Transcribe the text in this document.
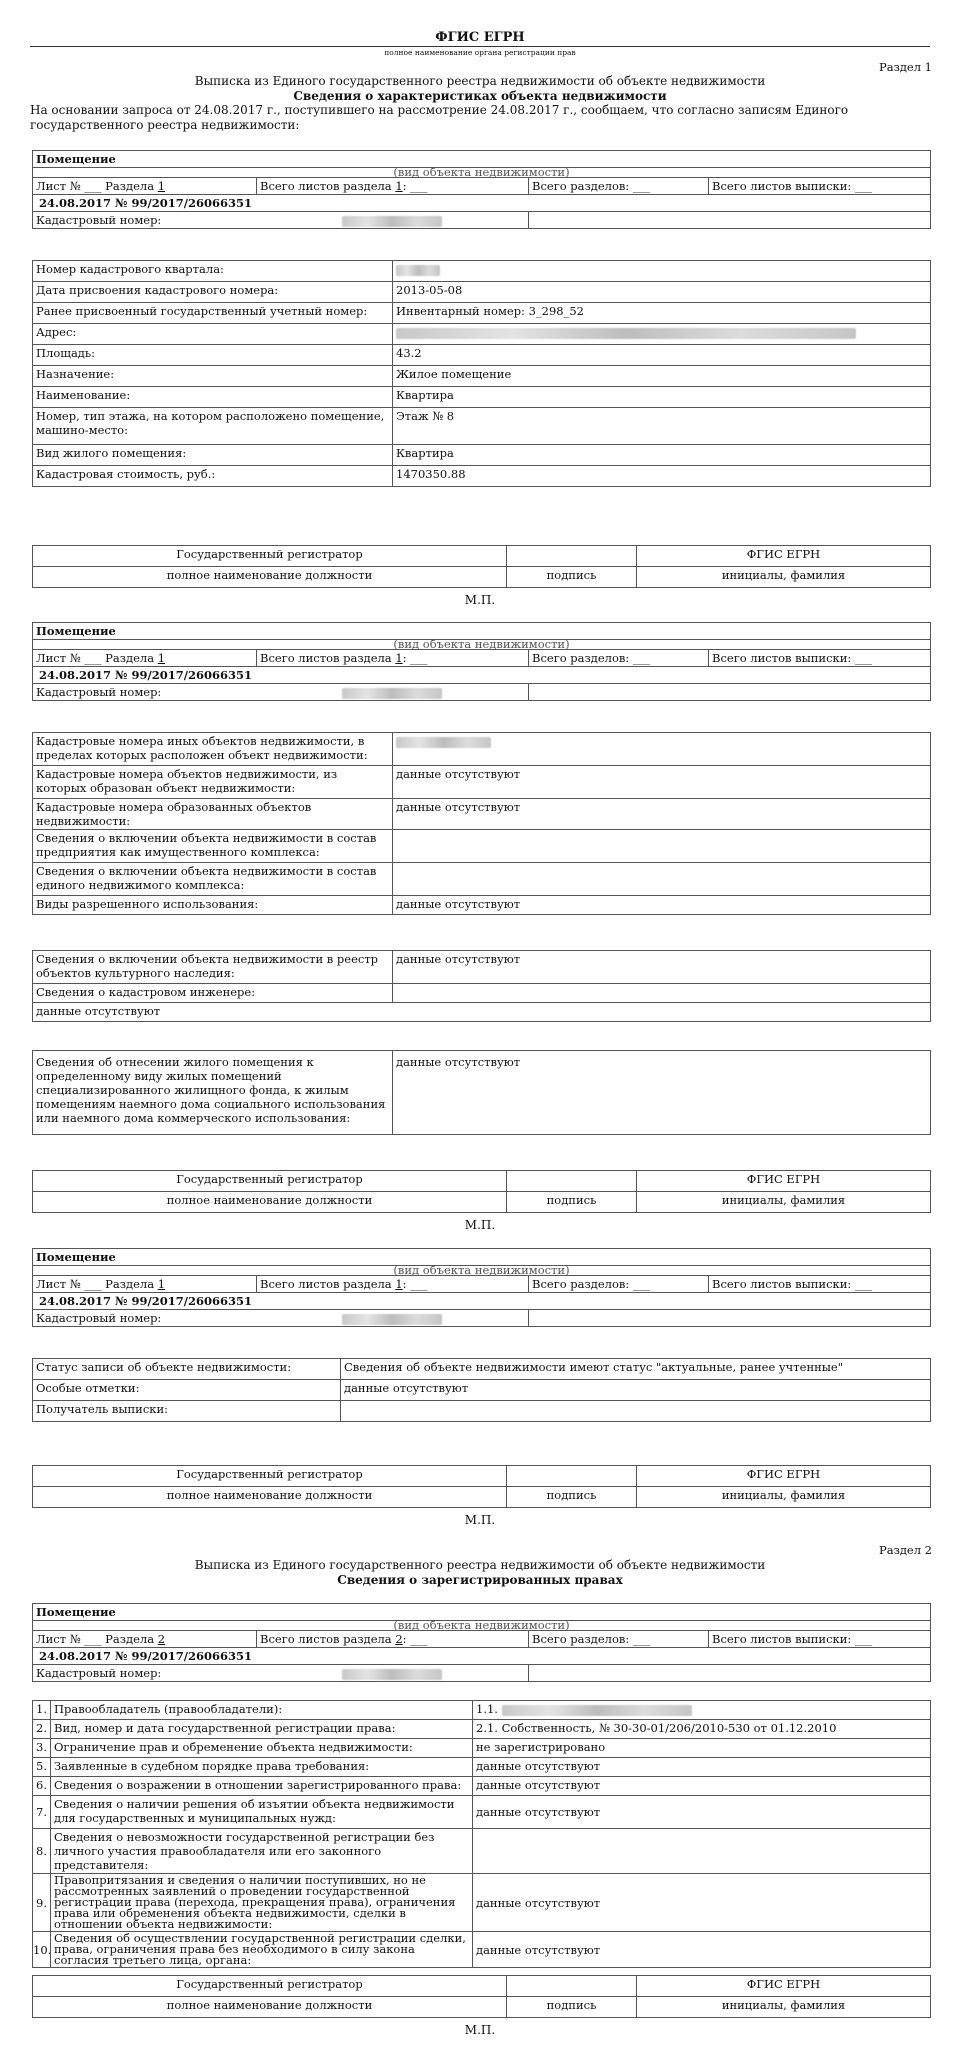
ФГИС ЕГРН
полное наименование органа регистрации прав
Раздел 1
Выписка из Единого государственного реестра недвижимости об объекте недвижимости
Сведения о характеристиках объекта недвижимости
На основании запроса от 24.08.2017 г., поступившего на рассмотрение 24.08.2017 г., сообщаем, что согласно записям Единого государственного реестра недвижимости:
Помещение			
(вид объекта недвижимости)			
Лист № ___ Раздела 1	Всего листов раздела 1: ___	Всего разделов: ___	Всего листов выписки: ___
24.08.2017 № 99/2017/26066351			
Кадастровый номер:			
Номер кадастрового квартала:	
Дата присвоения кадастрового номера:	2013-05-08
Ранее присвоенный государственный учетный номер:	Инвентарный номер: 3_298_52
Адрес:	
Площадь:	43.2
Назначение:	Жилое помещение
Наименование:	Квартира
Номер, тип этажа, на котором расположено помещение, машино-место:	Этаж № 8
Вид жилого помещения:	Квартира
Кадастровая стоимость, руб.:	1470350.88
Государственный регистратор		ФГИС ЕГРН
полное наименование должности	подпись	инициалы, фамилия
М.П.
Помещение			
(вид объекта недвижимости)			
Лист № ___ Раздела 1	Всего листов раздела 1: ___	Всего разделов: ___	Всего листов выписки: ___
24.08.2017 № 99/2017/26066351			
Кадастровый номер:			
Кадастровые номера иных объектов недвижимости, в пределах которых расположен объект недвижимости:	
Кадастровые номера объектов недвижимости, из которых образован объект недвижимости:	данные отсутствуют
Кадастровые номера образованных объектов недвижимости:	данные отсутствуют
Сведения о включении объекта недвижимости в состав предприятия как имущественного комплекса:	
Сведения о включении объекта недвижимости в состав единого недвижимого комплекса:	
Виды разрешенного использования:	данные отсутствуют
Сведения о включении объекта недвижимости в реестр объектов культурного наследия:	данные отсутствуют
Сведения о кадастровом инженере:	
данные отсутствуют	
Сведения об отнесении жилого помещения к определенному виду жилых помещений специализированного жилищного фонда, к жилым помещениям наемного дома социального использования или наемного дома коммерческого использования:	данные отсутствуют
Государственный регистратор		ФГИС ЕГРН
полное наименование должности	подпись	инициалы, фамилия
М.П.
Помещение			
(вид объекта недвижимости)			
Лист № ___ Раздела 1	Всего листов раздела 1: ___	Всего разделов: ___	Всего листов выписки: ___
24.08.2017 № 99/2017/26066351			
Кадастровый номер:			
Статус записи об объекте недвижимости:	Сведения об объекте недвижимости имеют статус "актуальные, ранее учтенные"
Особые отметки:	данные отсутствуют
Получатель выписки:	
Государственный регистратор		ФГИС ЕГРН
полное наименование должности	подпись	инициалы, фамилия
М.П.
Раздел 2
Выписка из Единого государственного реестра недвижимости об объекте недвижимости
Сведения о зарегистрированных правах
Помещение			
(вид объекта недвижимости)			
Лист № ___ Раздела 2	Всего листов раздела 2: ___	Всего разделов: ___	Всего листов выписки: ___
24.08.2017 № 99/2017/26066351			
Кадастровый номер:			
1.	Правообладатель (правообладатели):	1.1.
2.	Вид, номер и дата государственной регистрации права:	2.1. Собственность, № 30-30-01/206/2010-530 от 01.12.2010
3.	Ограничение прав и обременение объекта недвижимости:	не зарегистрировано
5.	Заявленные в судебном порядке права требования:	данные отсутствуют
6.	Сведения о возражении в отношении зарегистрированного права:	данные отсутствуют
7.	Сведения о наличии решения об изъятии объекта недвижимости для государственных и муниципальных нужд:	данные отсутствуют
8.	Сведения о невозможности государственной регистрации без личного участия правообладателя или его законного представителя:	
9.	Правопритязания и сведения о наличии поступивших, но не рассмотренных заявлений о проведении государственной регистрации права (перехода, прекращения права), ограничения права или обременения объекта недвижимости, сделки в отношении объекта недвижимости:	данные отсутствуют
10.	Сведения об осуществлении государственной регистрации сделки, права, ограничения права без необходимого в силу закона согласия третьего лица, органа:	данные отсутствуют
Государственный регистратор		ФГИС ЕГРН
полное наименование должности	подпись	инициалы, фамилия
М.П.
